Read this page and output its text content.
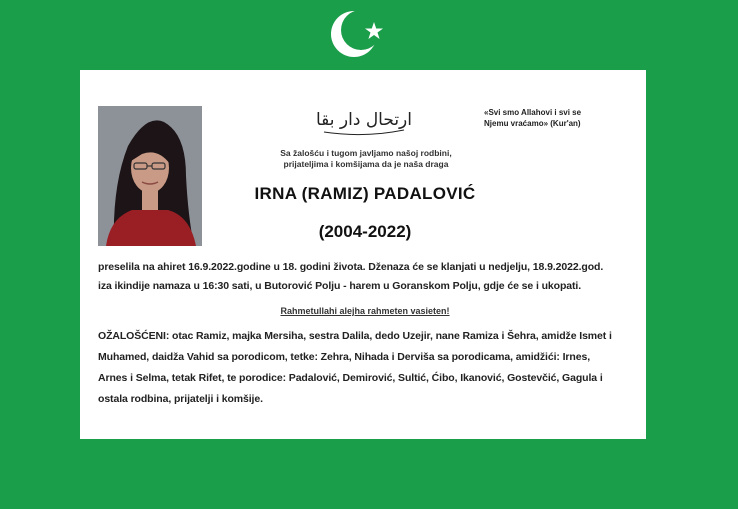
ارتحال دار بقا	«Svi smo Allahovi i svi se
Njemu vraćamo» (Kur'an)
Sa žalošću i tugom javljamo našoj rodbini,
prijateljima i komšijama da je naša draga
IRNA (RAMIZ) PADALOVIĆ
(2004-2022)
preselila na ahiret 16.9.2022.godine u 18. godini života. Dženaza će se klanjati u nedjelju, 18.9.2022.god.
iza ikindije namaza u 16:30 sati, u Butorović Polju - harem u Goranskom Polju, gdje će se i ukopati.
Rahmetullahi alejha rahmeten vasieten!
OŽALOŠĆENI: otac Ramiz, majka Mersiha, sestra Dalila, dedo Uzejir, nane Ramiza i Šehra, amidže Ismet i
Muhamed, daidža Vahid sa porodicom, tetke: Zehra, Nihada i Derviša sa porodicama, amidžići: Irnes,
Arnes i Selma, tetak Rifet, te porodice: Padalović, Demirović, Sultić, Ćibo, Ikanović, Gostevčić, Gagula i
ostala rodbina, prijatelji i komšije.
